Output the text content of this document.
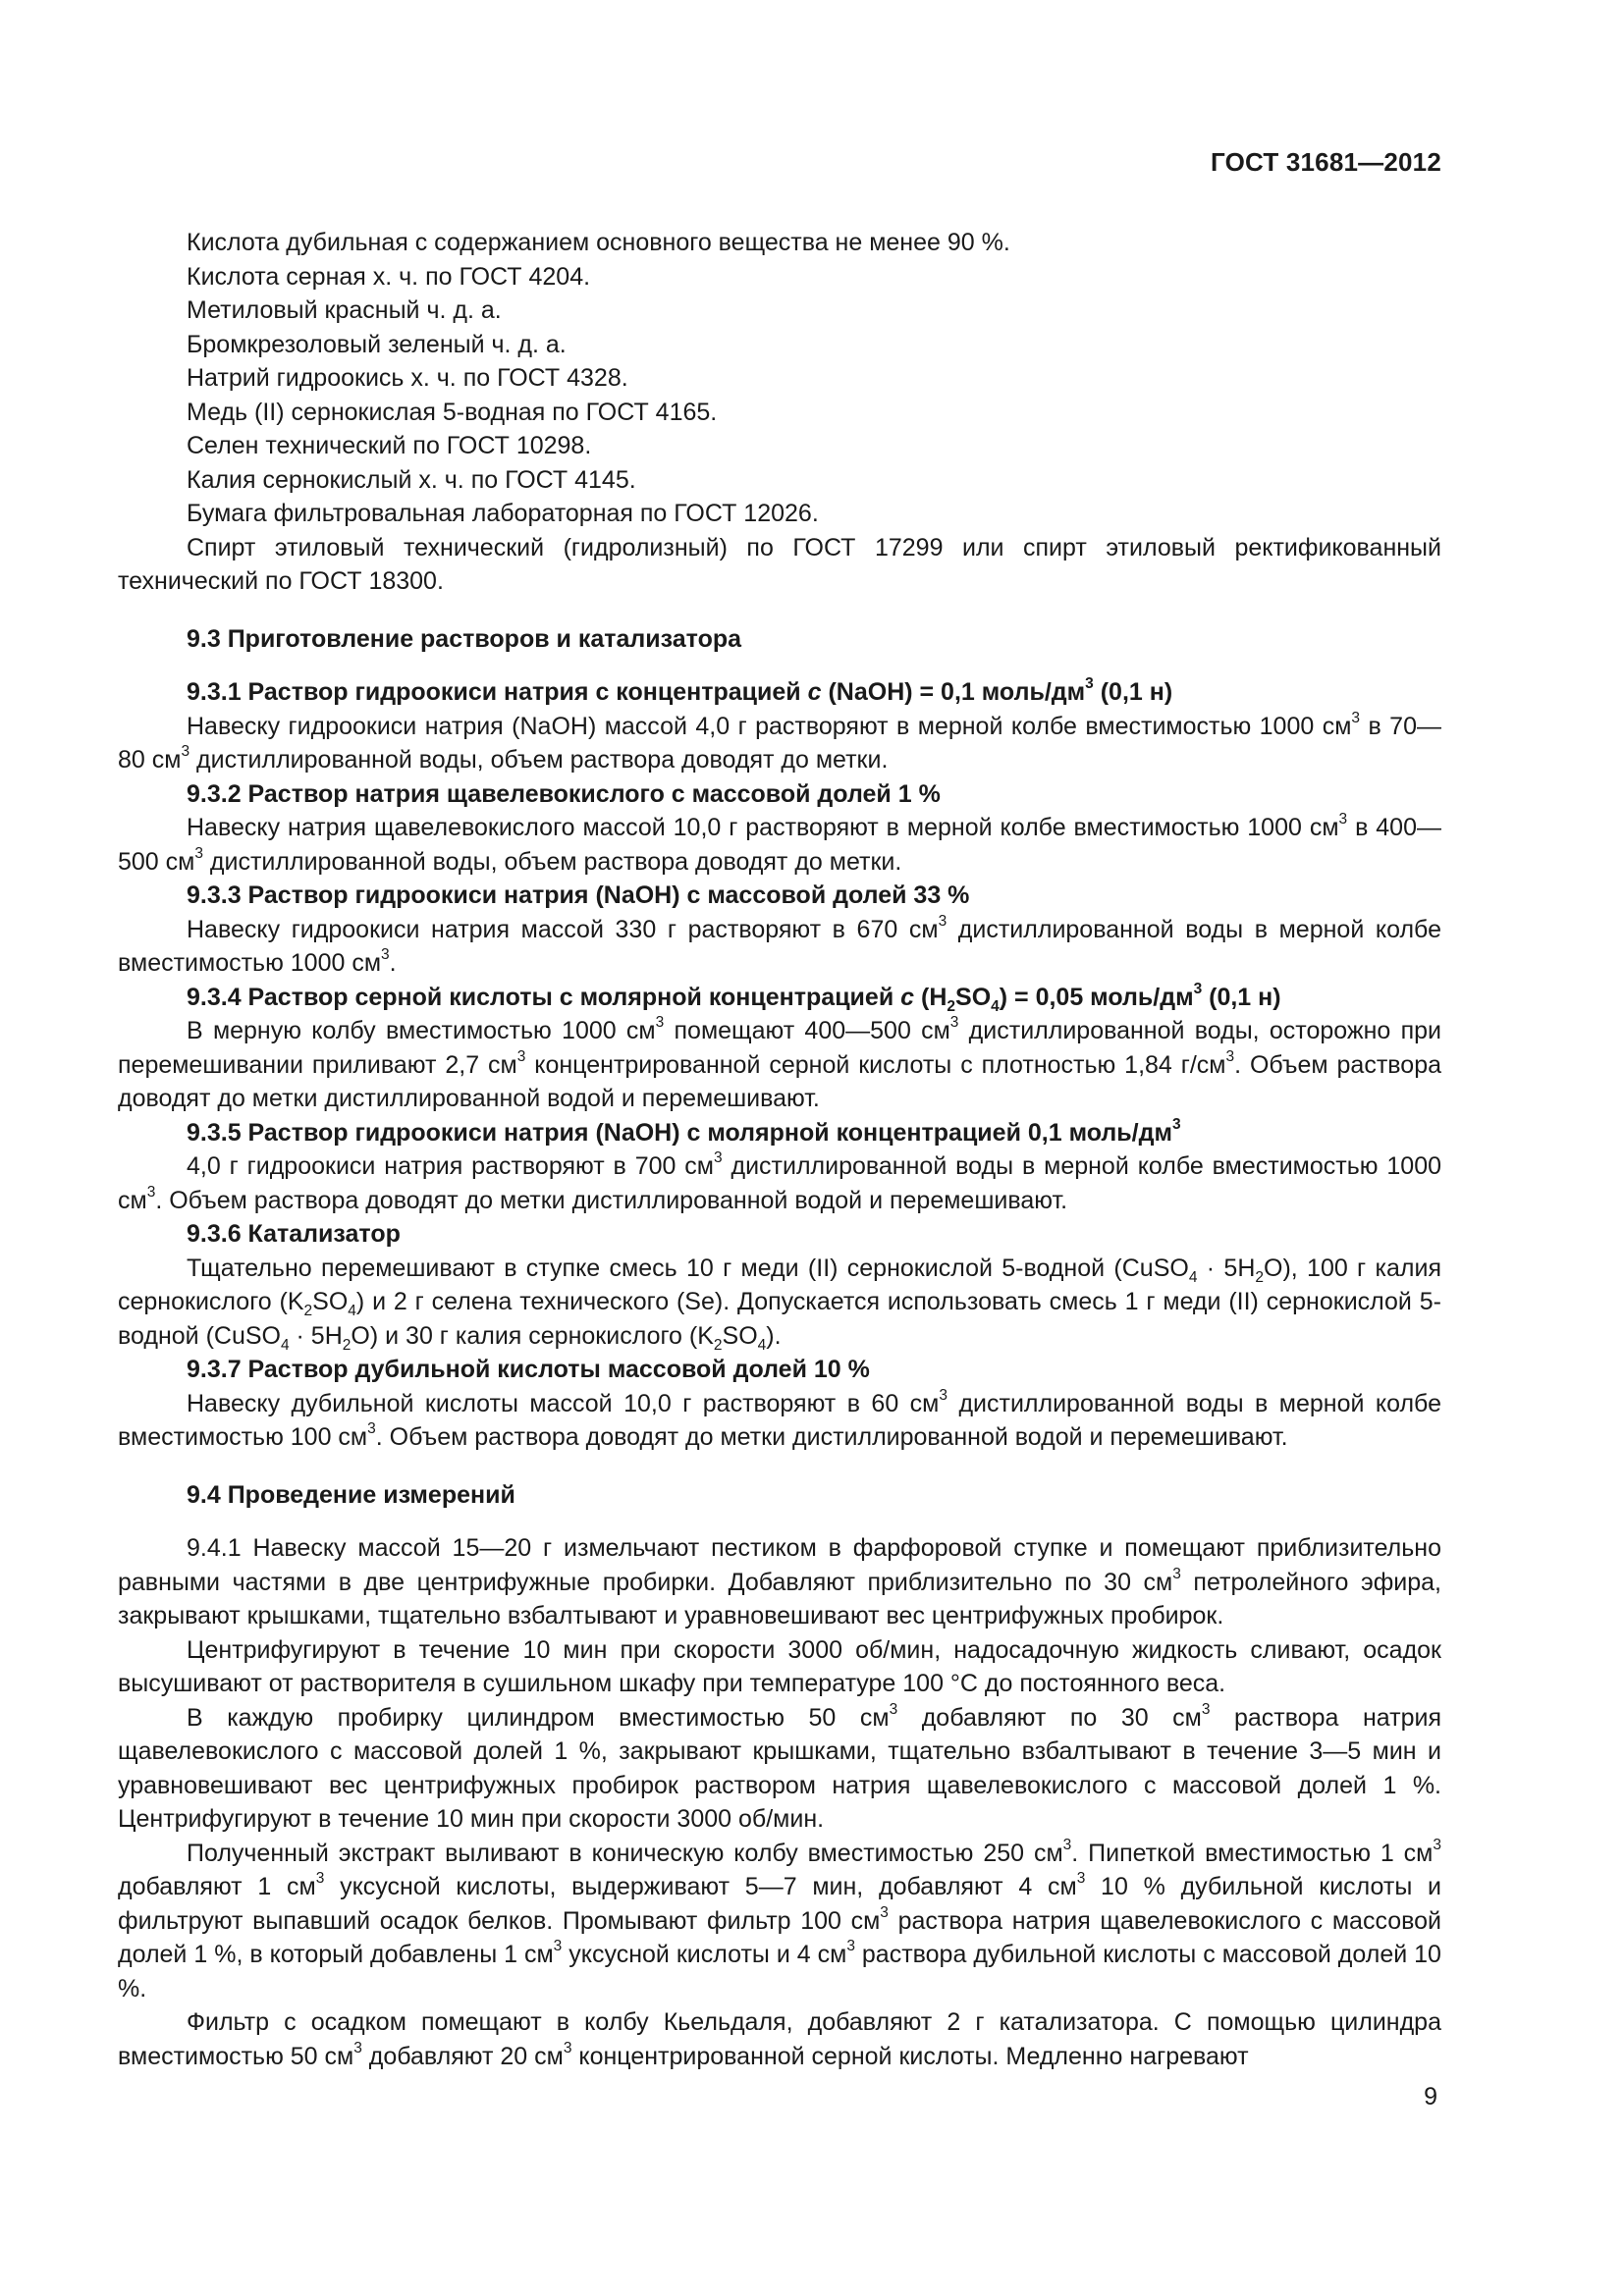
ГОСТ 31681—2012

Кислота дубильная с содержанием основного вещества не менее 90 %.

Кислота серная х. ч. по ГОСТ 4204.

Метиловый красный ч. д. а.

Бромкрезоловый зеленый ч. д. а.

Натрий гидроокись х. ч. по ГОСТ 4328.

Медь (II) сернокислая 5-водная по ГОСТ 4165.

Селен технический по ГОСТ 10298.

Калия сернокислый х. ч. по ГОСТ 4145.

Бумага фильтровальная лабораторная по ГОСТ 12026.

Спирт этиловый технический (гидролизный) по ГОСТ 17299 или спирт этиловый ректификованный технический по ГОСТ 18300.

9.3 Приготовление растворов и катализатора

9.3.1 Раствор гидроокиси натрия с концентрацией c (NaOH) = 0,1 моль/$дм^3$ (0,1 н)

Навеску гидроокиси натрия (NaOH) массой 4,0 г растворяют в мерной колбе вместимостью 1000 $см^3$ в 70—80 $см^3$ дистиллированной воды, объем раствора доводят до метки.

9.3.2 Раствор натрия щавелевокислого с массовой долей 1 %

Навеску натрия щавелевокислого массой 10,0 г растворяют в мерной колбе вместимостью 1000 $см^3$ в 400—500 $см^3$ дистиллированной воды, объем раствора доводят до метки.

9.3.3 Раствор гидроокиси натрия (NaOH) с массовой долей 33 %

Навеску гидроокиси натрия массой 330 г растворяют в 670 $см^3$ дистиллированной воды в мерной колбе вместимостью 1000 $см^3$.

9.3.4 Раствор серной кислоты с молярной концентрацией c $(H_2SO_4) = 0,05$ моль/$дм^3$ (0,1 н)

В мерную колбу вместимостью 1000 $см^3$ помещают 400—500 $см^3$ дистиллированной воды, осторожно при перемешивании приливают 2,7 $см^3$ концентрированной серной кислоты с плотностью 1,84 $г/см^3$. Объем раствора доводят до метки дистиллированной водой и перемешивают.

9.3.5 Раствор гидроокиси натрия (NaOH) с молярной концентрацией 0,1 моль/$дм^3$

4,0 г гидроокиси натрия растворяют в 700 $см^3$ дистиллированной воды в мерной колбе вместимостью 1000 $см^3$. Объем раствора доводят до метки дистиллированной водой и перемешивают.

9.3.6 Катализатор

Тщательно перемешивают в ступке смесь 10 г меди (II) сернокислой 5-водной (CuSO$_4$ · $5H_2O$), 100 г калия сернокислого $(K_2SO_4)$ и 2 г селена технического (Se). Допускается использовать смесь 1 г меди (II) сернокислой 5-водной (CuSO$_4$ · $5H_2O$) и 30 г калия сернокислого $(K_2SO_4)$.

9.3.7 Раствор дубильной кислоты массовой долей 10 %

Навеску дубильной кислоты массой 10,0 г растворяют в 60 $см^3$ дистиллированной воды в мерной колбе вместимостью 100 $см^3$. Объем раствора доводят до метки дистиллированной водой и перемешивают.

9.4 Проведение измерений

9.4.1 Навеску массой 15—20 г измельчают пестиком в фарфоровой ступке и помещают приблизительно равными частями в две центрифужные пробирки. Добавляют приблизительно по 30 $см^3$ петролейного эфира, закрывают крышками, тщательно взбалтывают и уравновешивают вес центрифужных пробирок.

Центрифугируют в течение 10 мин при скорости 3000 об/мин, надосадочную жидкость сливают, осадок высушивают от растворителя в сушильном шкафу при температуре 100 °С до постоянного веса.

В каждую пробирку цилиндром вместимостью 50 $см^3$ добавляют по 30 $см^3$ раствора натрия щавелевокислого с массовой долей 1 %, закрывают крышками, тщательно взбалтывают в течение 3—5 мин и уравновешивают вес центрифужных пробирок раствором натрия щавелевокислого с массовой долей 1 %. Центрифугируют в течение 10 мин при скорости 3000 об/мин.

Полученный экстракт выливают в коническую колбу вместимостью 250 $см^3$. Пипеткой вместимостью 1 $см^3$ добавляют 1 $см^3$ уксусной кислоты, выдерживают 5—7 мин, добавляют 4 $см^3$ 10 % дубильной кислоты и фильтруют выпавший осадок белков. Промывают фильтр 100 $см^3$ раствора натрия щавелевокислого с массовой долей 1 %, в который добавлены 1 $см^3$ уксусной кислоты и 4 $см^3$ раствора дубильной кислоты с массовой долей 10 %.

Фильтр с осадком помещают в колбу Кьельдаля, добавляют 2 г катализатора. С помощью цилиндра вместимостью 50 $см^3$ добавляют 20 $см^3$ концентрированной серной кислоты. Медленно нагревают

9
